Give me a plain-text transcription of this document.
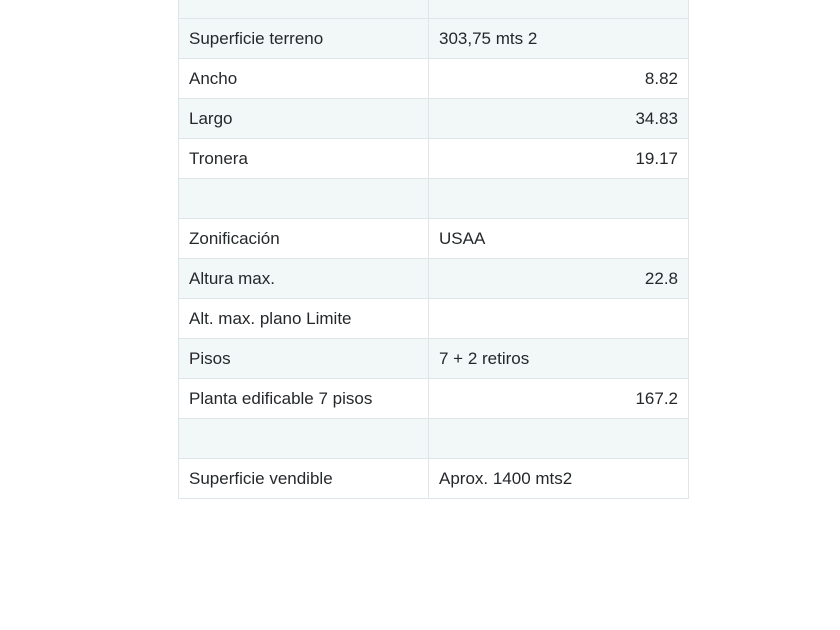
Superficie terreno	303,75 mts 2
Ancho	8.82
Largo	34.83
Tronera	19.17

Zonificación	USAA
Altura max.	22.8
Alt. max. plano Limite	
Pisos	7 + 2 retiros
Planta edificable 7 pisos	167.2

Superficie vendible	Aprox. 1400 mts2
